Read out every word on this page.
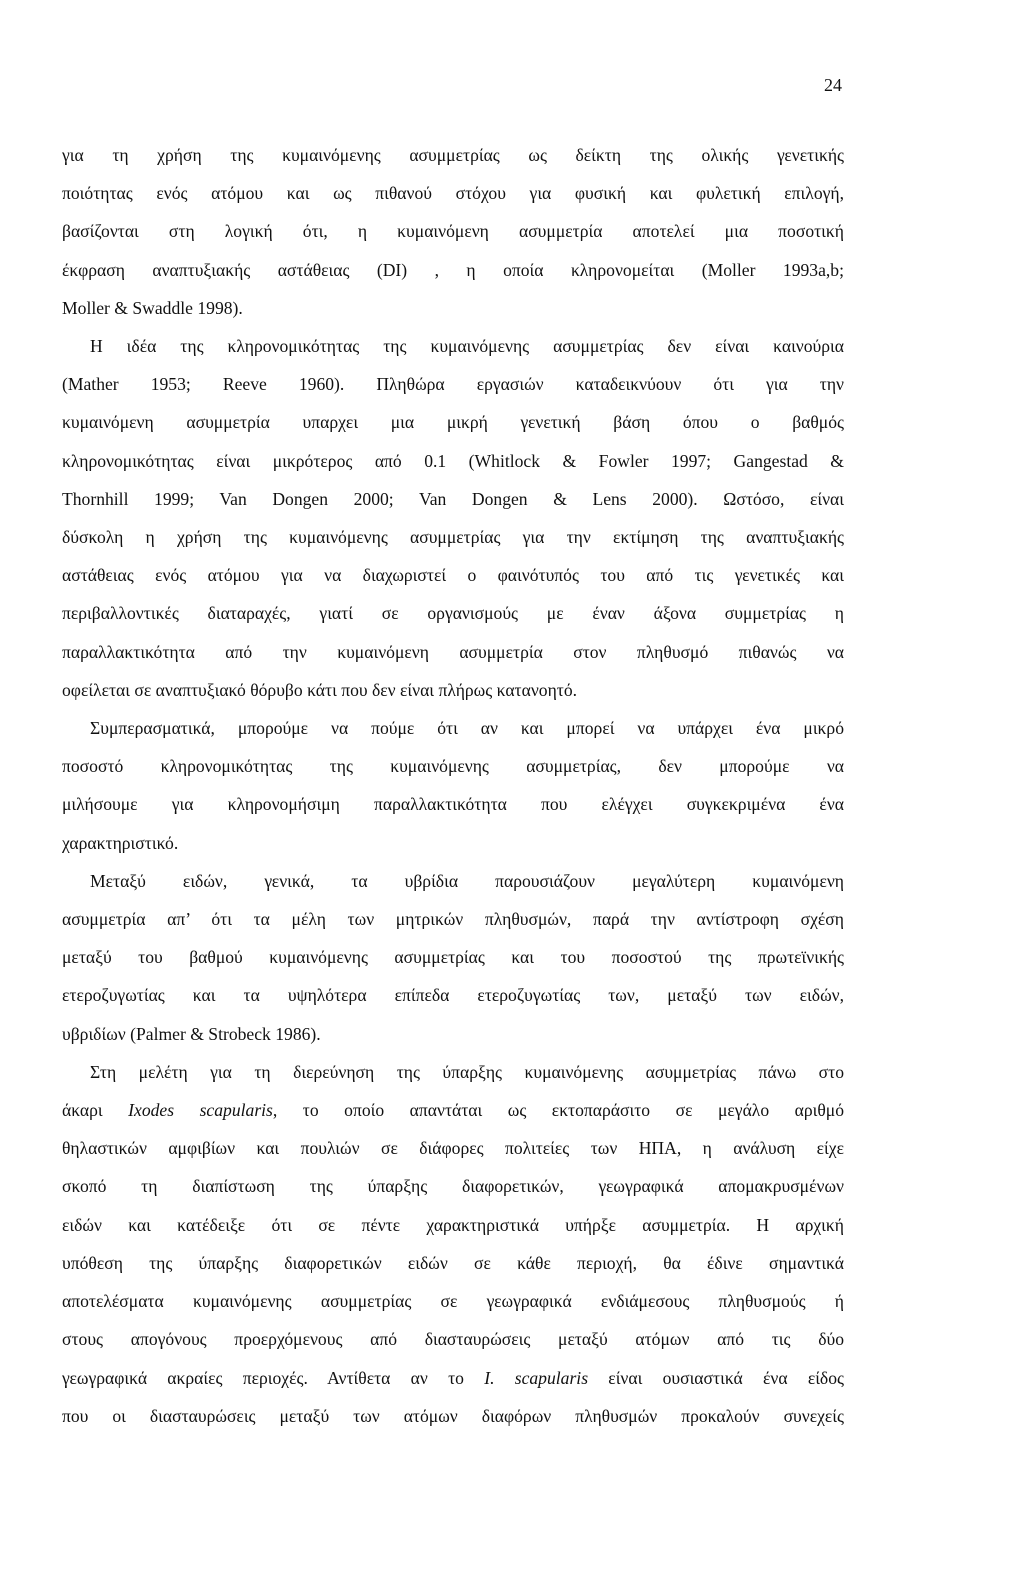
24
για τη χρήση της κυμαινόμενης ασυμμετρίας ως δείκτη της ολικής γενετικής
ποιότητας ενός ατόμου και ως πιθανού στόχου για φυσική και φυλετική επιλογή,
βασίζονται στη λογική ότι, η κυμαινόμενη ασυμμετρία αποτελεί μια ποσοτική
έκφραση αναπτυξιακής αστάθειας (DI) , η οποία κληρονομείται (Moller 1993a,b;
Moller & Swaddle 1998).
Η ιδέα της κληρονομικότητας της κυμαινόμενης ασυμμετρίας δεν είναι καινούρια
(Mather 1953; Reeve 1960). Πληθώρα εργασιών καταδεικνύουν ότι για την
κυμαινόμενη ασυμμετρία υπαρχει μια μικρή γενετική βάση όπου ο βαθμός
κληρονομικότητας είναι μικρότερος από 0.1 (Whitlock & Fowler 1997; Gangestad &
Thornhill 1999; Van Dongen 2000; Van Dongen & Lens 2000). Ωστόσο, είναι
δύσκολη η χρήση της κυμαινόμενης ασυμμετρίας για την εκτίμηση της αναπτυξιακής
αστάθειας ενός ατόμου για να διαχωριστεί ο φαινότυπός του από τις γενετικές και
περιβαλλοντικές διαταραχές, γιατί σε οργανισμούς με έναν άξονα συμμετρίας η
παραλλακτικότητα από την κυμαινόμενη ασυμμετρία στον πληθυσμό πιθανώς να
οφείλεται σε αναπτυξιακό θόρυβο κάτι που δεν είναι πλήρως κατανοητό.
Συμπερασματικά, μπορούμε να πούμε ότι αν και μπορεί να υπάρχει ένα μικρό
ποσοστό κληρονομικότητας της κυμαινόμενης ασυμμετρίας, δεν μπορούμε να
μιλήσουμε για κληρονομήσιμη παραλλακτικότητα που ελέγχει συγκεκριμένα ένα
χαρακτηριστικό.
Μεταξύ ειδών, γενικά, τα υβρίδια παρουσιάζουν μεγαλύτερη κυμαινόμενη
ασυμμετρία απ’ ότι τα μέλη των μητρικών πληθυσμών, παρά την αντίστροφη σχέση
μεταξύ του βαθμού κυμαινόμενης ασυμμετρίας και του ποσοστού της πρωτεϊνικής
ετεροζυγωτίας και τα υψηλότερα επίπεδα ετεροζυγωτίας των, μεταξύ των ειδών,
υβριδίων (Palmer & Strobeck 1986).
Στη μελέτη για τη διερεύνηση της ύπαρξης κυμαινόμενης ασυμμετρίας πάνω στο
άκαρι Ixodes scapularis, το οποίο απαντάται ως εκτοπαράσιτο σε μεγάλο αριθμό
θηλαστικών αμφιβίων και πουλιών σε διάφορες πολιτείες των ΗΠΑ, η ανάλυση είχε
σκοπό τη διαπίστωση της ύπαρξης διαφορετικών, γεωγραφικά απομακρυσμένων
ειδών και κατέδειξε ότι σε πέντε χαρακτηριστικά υπήρξε ασυμμετρία. Η αρχική
υπόθεση της ύπαρξης διαφορετικών ειδών σε κάθε περιοχή, θα έδινε σημαντικά
αποτελέσματα κυμαινόμενης ασυμμετρίας σε γεωγραφικά ενδιάμεσους πληθυσμούς ή
στους απογόνους προερχόμενους από διασταυρώσεις μεταξύ ατόμων από τις δύο
γεωγραφικά ακραίες περιοχές. Αντίθετα αν το I. scapularis είναι ουσιαστικά ένα είδος
που οι διασταυρώσεις μεταξύ των ατόμων διαφόρων πληθυσμών προκαλούν συνεχείς
